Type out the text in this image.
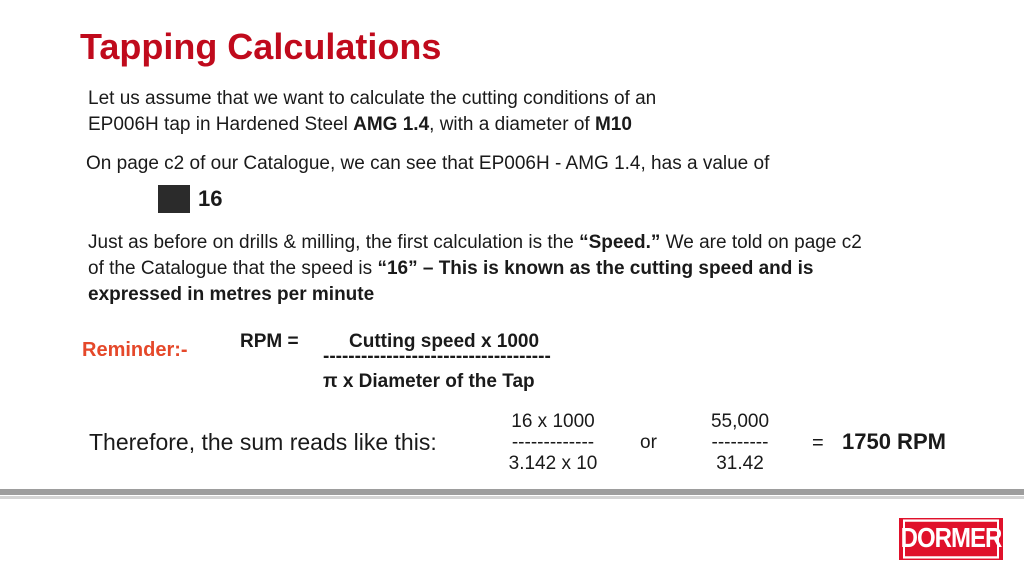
Tapping Calculations
Let us assume that we want to calculate the cutting conditions of an
EP006H tap in Hardened Steel AMG 1.4, with a diameter of M10
On page c2 of our Catalogue, we can see that EP006H - AMG 1.4, has a value of
16
Just as before on drills & milling, the first calculation is the “Speed.” We are told on page c2 of the Catalogue that the speed is “16” – This is known as the cutting speed and is expressed in metres per minute
Reminder:-	RPM =	Cutting speed x 1000
------------------------------------
π x Diameter of the Tap
Therefore, the sum reads like this:
16 x 1000
-------------
3.142 x 10
or
55,000
---------
31.42
= 1750 RPM
DORMER
